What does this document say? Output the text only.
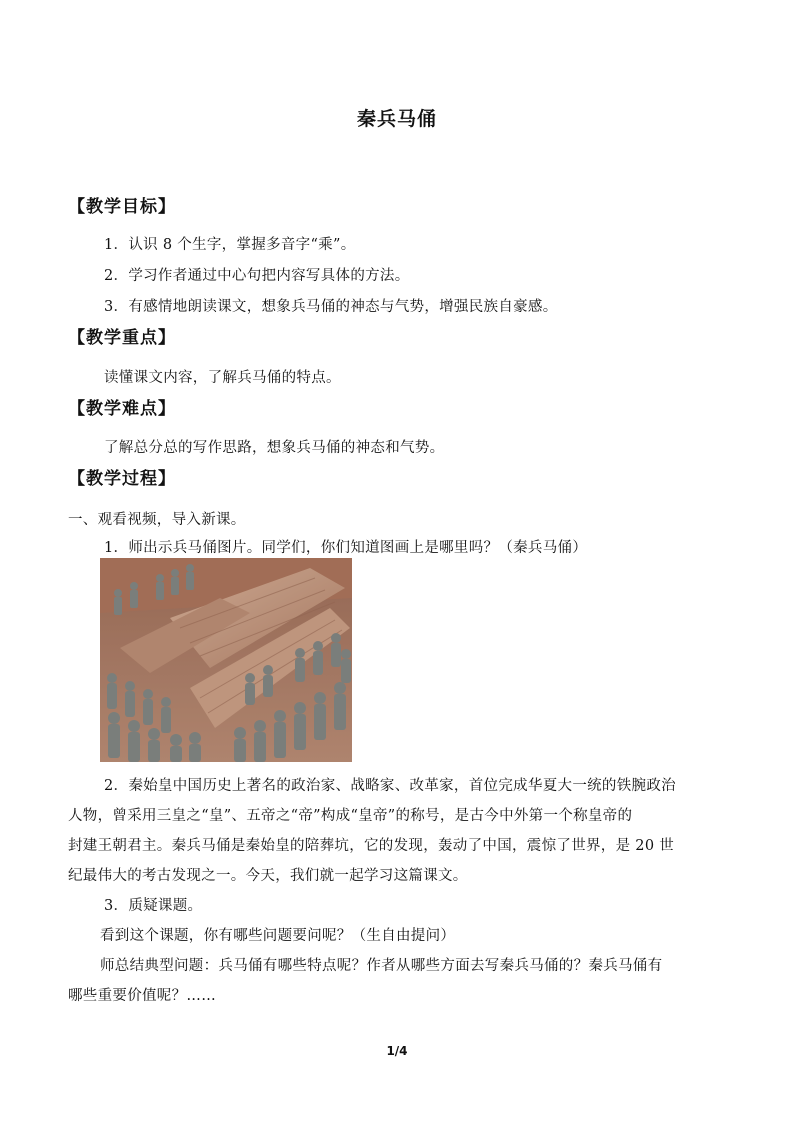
秦兵马俑
【教学目标】
1．认识 8 个生字，掌握多音字“乘”。
2．学习作者通过中心句把内容写具体的方法。
3．有感情地朗读课文，想象兵马俑的神态与气势，增强民族自豪感。
【教学重点】
读懂课文内容，了解兵马俑的特点。
【教学难点】
了解总分总的写作思路，想象兵马俑的神态和气势。
【教学过程】
一、观看视频，导入新课。
1．师出示兵马俑图片。同学们，你们知道图画上是哪里吗？（秦兵马俑）
2．秦始皇中国历史上著名的政治家、战略家、改革家，首位完成华夏大一统的铁腕政治
人物，曾采用三皇之“皇”、五帝之“帝”构成“皇帝”的称号，是古今中外第一个称皇帝的
封建王朝君主。秦兵马俑是秦始皇的陪葬坑，它的发现，轰动了中国，震惊了世界，是 20 世
纪最伟大的考古发现之一。今天，我们就一起学习这篇课文。
3．质疑课题。
看到这个课题，你有哪些问题要问呢？（生自由提问）
师总结典型问题：兵马俑有哪些特点呢？作者从哪些方面去写秦兵马俑的？秦兵马俑有
哪些重要价值呢？……
1/4
